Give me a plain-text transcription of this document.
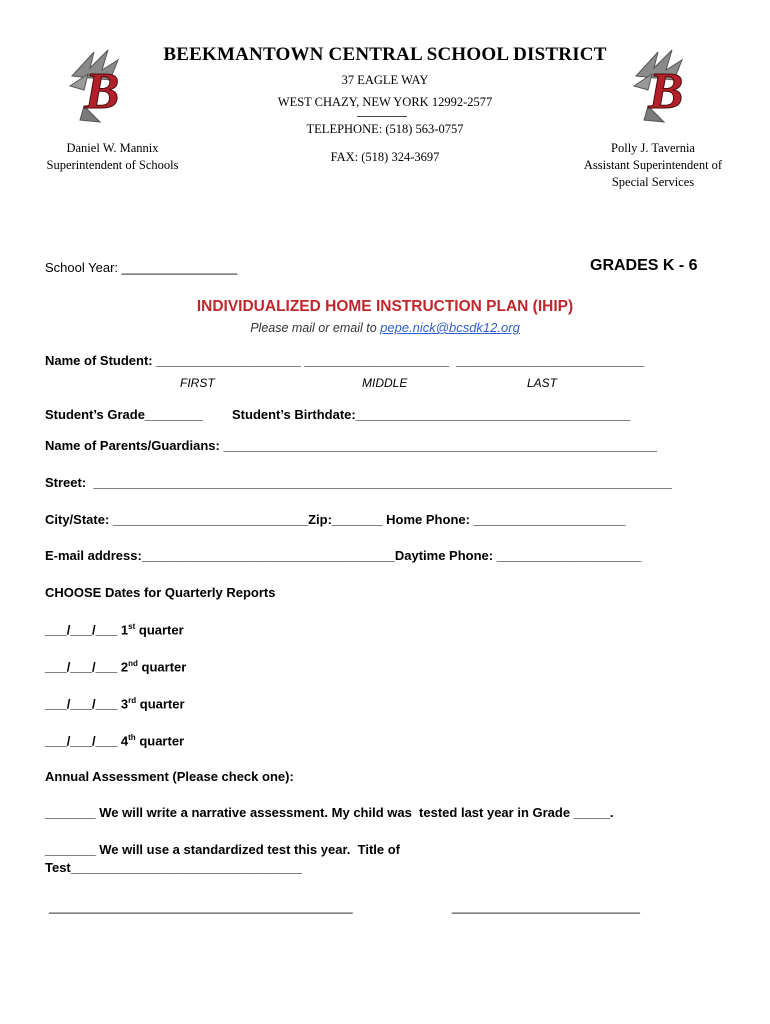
BEEKMANTOWN CENTRAL SCHOOL DISTRICT
37 EAGLE WAY
WEST CHAZY, NEW YORK 12992-2577
TELEPHONE: (518) 563-0757
FAX: (518) 324-3697
B	B
Daniel W. Mannix
Superintendent of Schools
Polly J. Tavernia
Assistant Superintendent of
Special Services
School Year: ________________	GRADES K - 6
INDIVIDUALIZED HOME INSTRUCTION PLAN (IHIP)
Please mail or email to pepe.nick@bcsdk12.org
Name of Student: ____________________ ____________________  __________________________
FIRST	MIDDLE	LAST
Student’s Grade________ Student’s Birthdate:______________________________________
Name of Parents/Guardians: ____________________________________________________________
Street:  ________________________________________________________________________________
City/State: ___________________________Zip:_______ Home Phone: _____________________
E-mail address:___________________________________Daytime Phone: ____________________
CHOOSE Dates for Quarterly Reports
___/___/___ 1st quarter
___/___/___ 2nd quarter
___/___/___ 3rd quarter
___/___/___ 4th quarter
Annual Assessment (Please check one):
_______ We will write a narrative assessment. My child was  tested last year in Grade _____.
_______ We will use a standardized test this year.  Title of
Test________________________________
__________________________________________	__________________________
